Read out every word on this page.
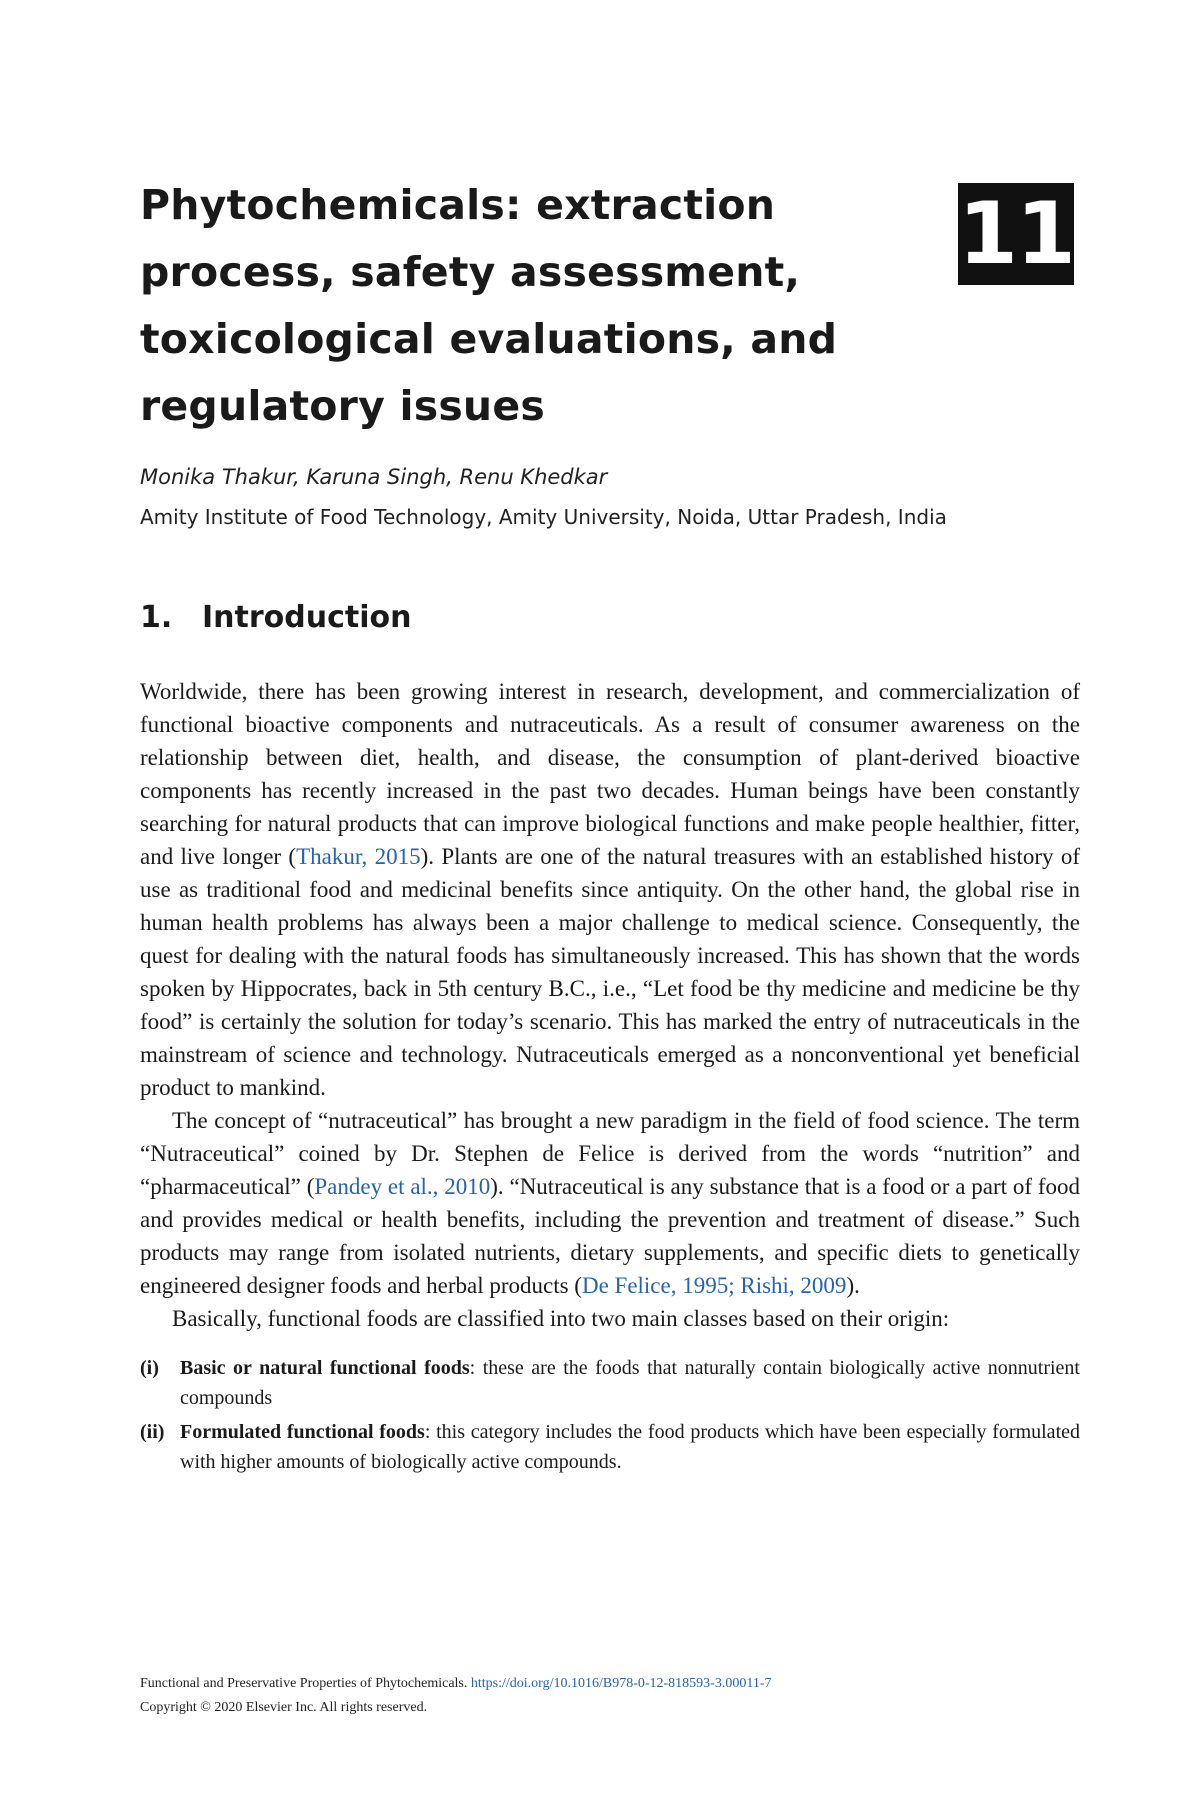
Phytochemicals: extraction process, safety assessment, toxicological evaluations, and regulatory issues
11
Monika Thakur, Karuna Singh, Renu Khedkar
Amity Institute of Food Technology, Amity University, Noida, Uttar Pradesh, India
1. Introduction

Worldwide, there has been growing interest in research, development, and commercialization of functional bioactive components and nutraceuticals. As a result of consumer awareness on the relationship between diet, health, and disease, the consumption of plant-derived bioactive components has recently increased in the past two decades. Human beings have been constantly searching for natural products that can improve biological functions and make people healthier, fitter, and live longer (Thakur, 2015). Plants are one of the natural treasures with an established history of use as traditional food and medicinal benefits since antiquity. On the other hand, the global rise in human health problems has always been a major challenge to medical science. Consequently, the quest for dealing with the natural foods has simultaneously increased. This has shown that the words spoken by Hippocrates, back in 5th century B.C., i.e., “Let food be thy medicine and medicine be thy food” is certainly the solution for today’s scenario. This has marked the entry of nutraceuticals in the mainstream of science and technology. Nutraceuticals emerged as a nonconventional yet beneficial product to mankind.

The concept of “nutraceutical” has brought a new paradigm in the field of food science. The term “Nutraceutical” coined by Dr. Stephen de Felice is derived from the words “nutrition” and “pharmaceutical” (Pandey et al., 2010). “Nutraceutical is any substance that is a food or a part of food and provides medical or health benefits, including the prevention and treatment of disease.” Such products may range from isolated nutrients, dietary supplements, and specific diets to genetically engineered designer foods and herbal products (De Felice, 1995; Rishi, 2009).

Basically, functional foods are classified into two main classes based on their origin:

(i)	Basic or natural functional foods: these are the foods that naturally contain biologically active nonnutrient compounds
(ii) Formulated functional foods: this category includes the food products which have been especially formulated with higher amounts of biologically active compounds.
Functional and Preservative Properties of Phytochemicals. https://doi.org/10.1016/B978-0-12-818593-3.00011-7
Copyright © 2020 Elsevier Inc. All rights reserved.
